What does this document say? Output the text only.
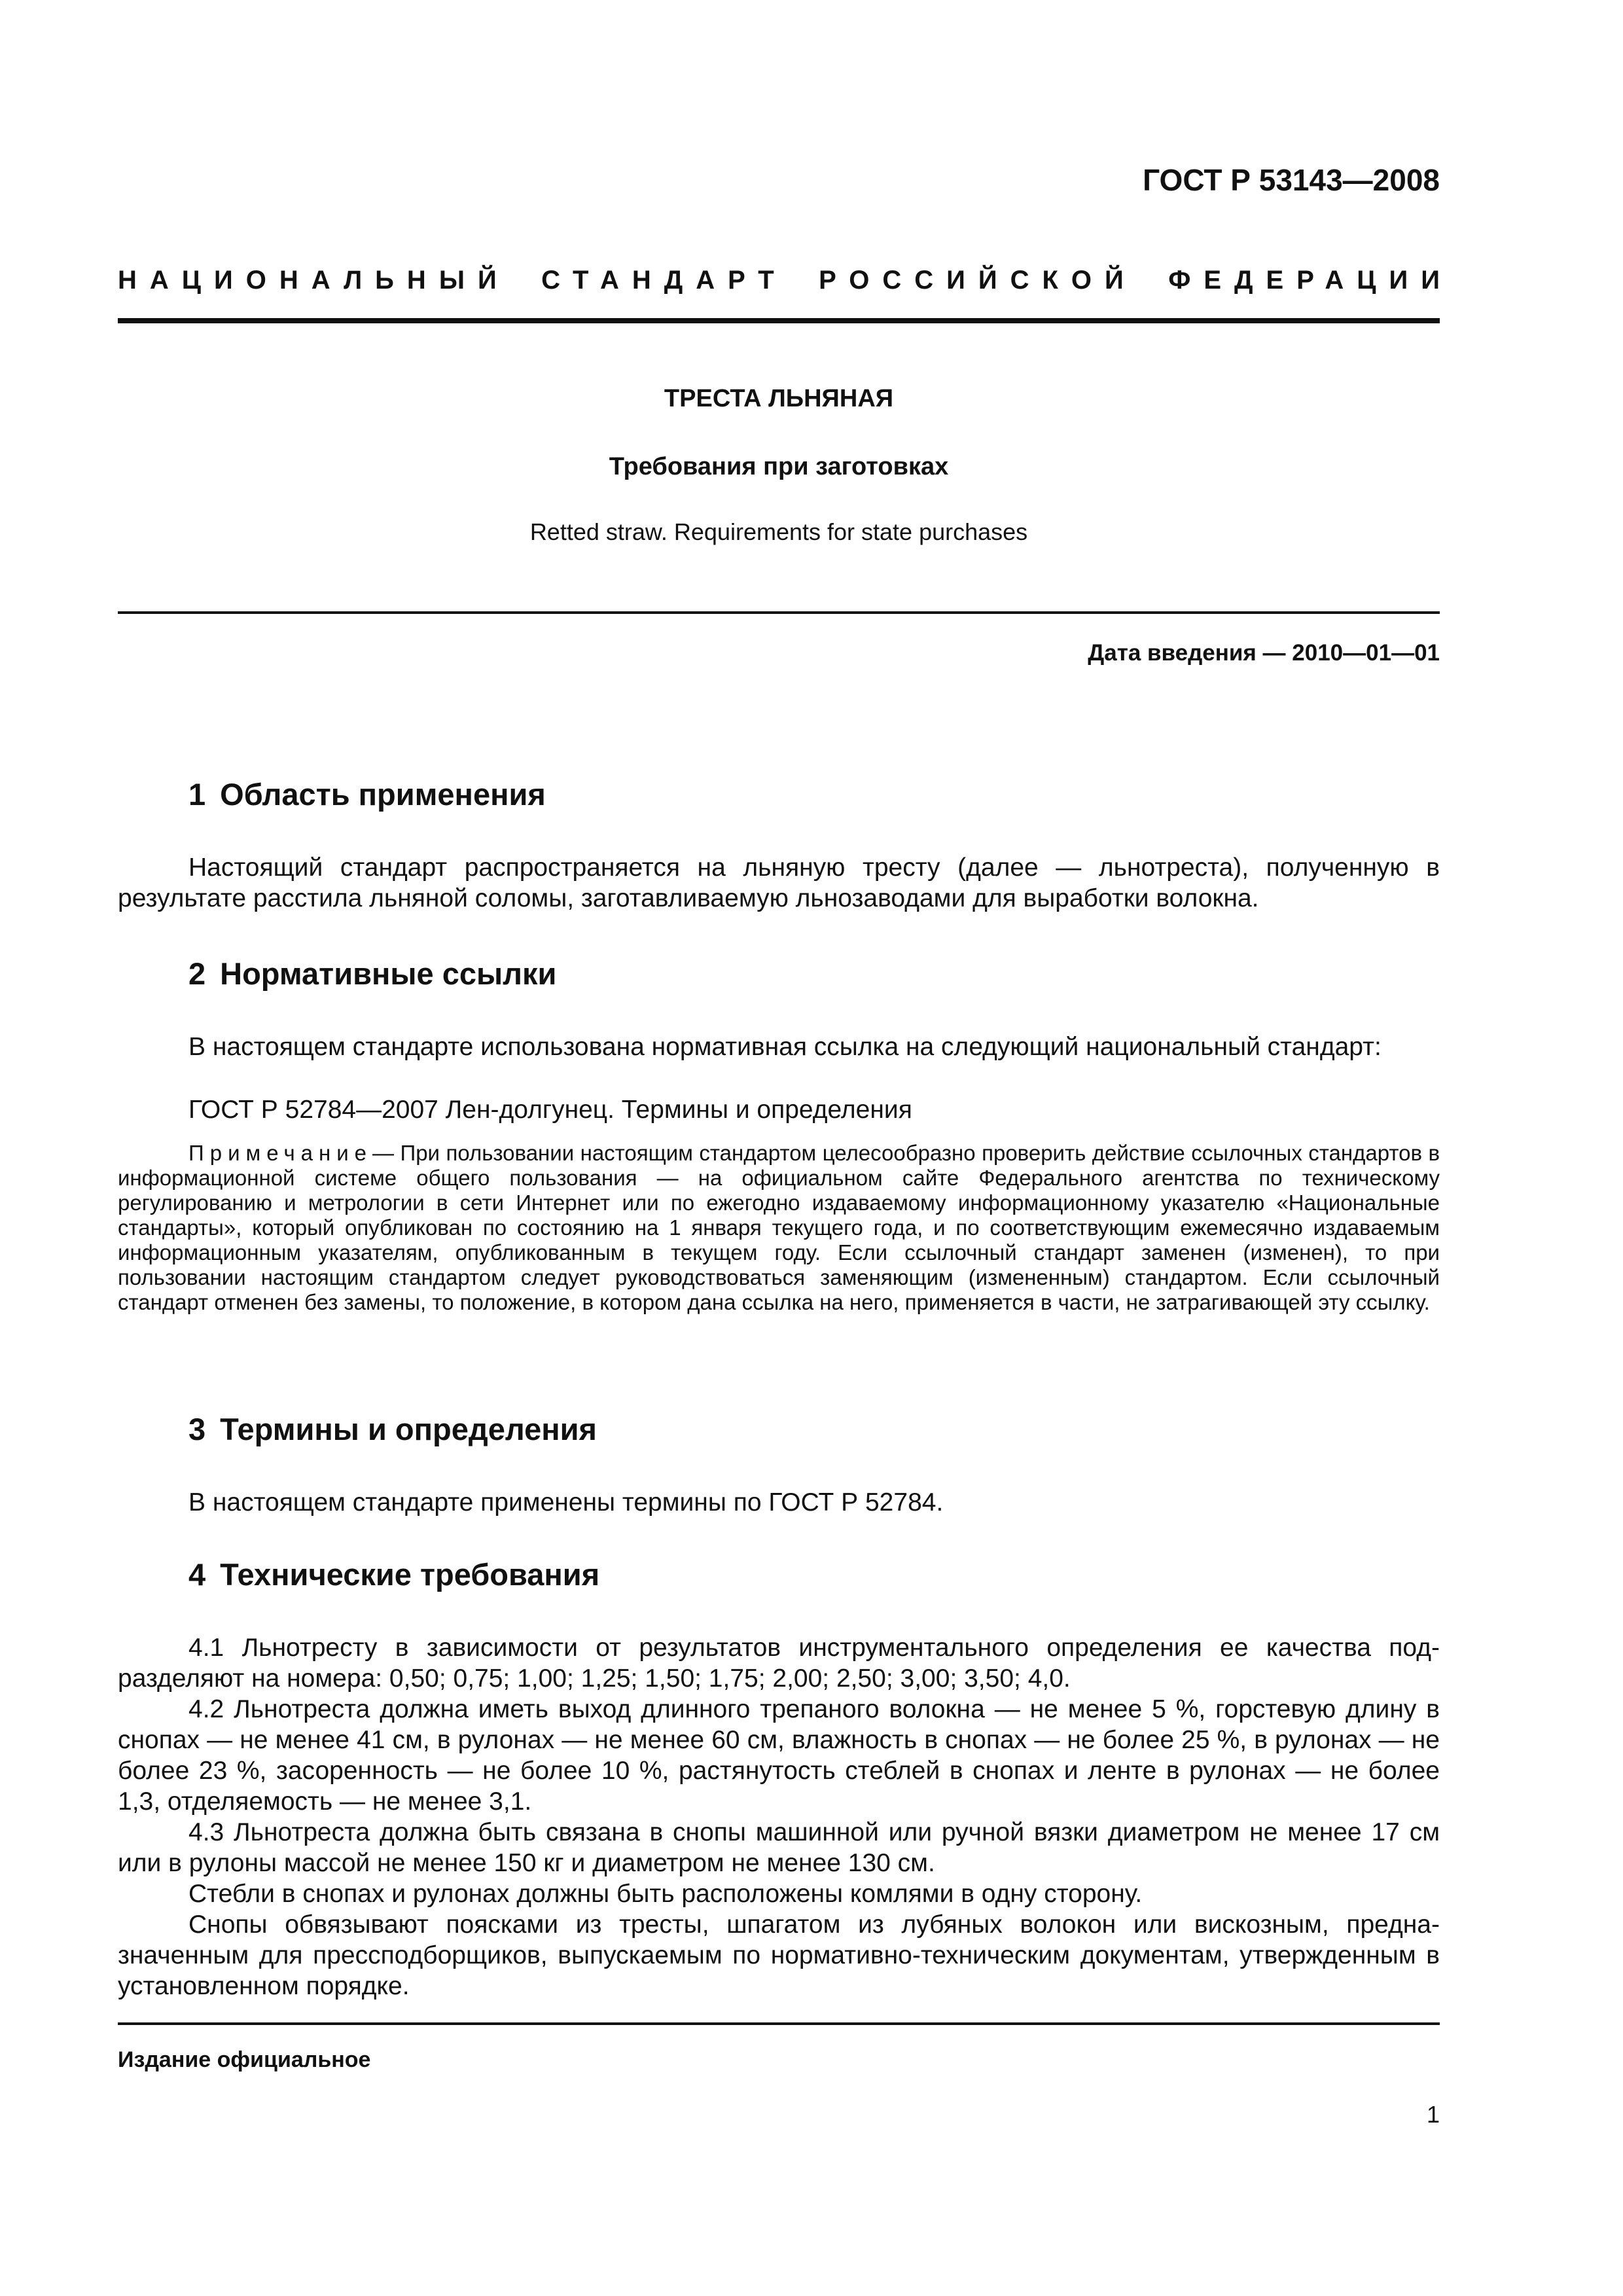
ГОСТ Р 53143—2008
НАЦИОНАЛЬНЫЙ СТАНДАРТ РОССИЙСКОЙ ФЕДЕРАЦИИ
ТРЕСТА ЛЬНЯНАЯ
Требования при заготовках
Retted straw. Requirements for state purchases
Дата введения — 2010—01—01
1 Область применения
Настоящий стандарт распространяется на льняную тресту (далее — льнотреста), полученную в результате расстила льняной соломы, заготавливаемую льнозаводами для выработки волокна.
2 Нормативные ссылки
В настоящем стандарте использована нормативная ссылка на следующий национальный стандарт:
ГОСТ Р 52784—2007 Лен-долгунец. Термины и определения
Примечание— При пользовании настоящим стандартом целесообразно проверить действие ссылочных стандартов в информационной системе общего пользования — на официальном сайте Федерального агентства по техническому регулированию и метрологии в сети Интернет или по ежегодно издаваемому информационному указателю «Национальные стандарты», который опубликован по состоянию на 1 января текущего года, и по соответствующим ежемесячно издаваемым информационным указателям, опубликованным в текущем году. Если ссылочный стандарт заменен (изменен), то при пользовании настоящим стандартом следует руководствоваться заменяющим (измененным) стандартом. Если ссылочный стандарт отменен без замены, то положение, в котором дана ссылка на него, применяется в части, не затрагивающей эту ссылку.
3 Термины и определения
В настоящем стандарте применены термины по ГОСТ Р 52784.
4 Технические требования
4.1 Льнотресту в зависимости от результатов инструментального определения ее качества подразделяют на номера: 0,50; 0,75; 1,00; 1,25; 1,50; 1,75; 2,00; 2,50; 3,00; 3,50; 4,0.
4.2 Льнотреста должна иметь выход длинного трепаного волокна — не менее 5 %, горстевую длину в снопах — не менее 41 см, в рулонах — не менее 60 см, влажность в снопах — не более 25 %, в рулонах — не более 23 %, засоренность — не более 10 %, растянутость стеблей в снопах и ленте в рулонах — не более 1,3, отделяемость — не менее 3,1.
4.3 Льнотреста должна быть связана в снопы машинной или ручной вязки диаметром не менее 17 см или в рулоны массой не менее 150 кг и диаметром не менее 130 см.
Стебли в снопах и рулонах должны быть расположены комлями в одну сторону.
Снопы обвязывают поясками из тресты, шпагатом из лубяных волокон или вискозным, предназначенным для прессподборщиков, выпускаемым по нормативно-техническим документам, утвержденным в установленном порядке.
Издание официальное
1
